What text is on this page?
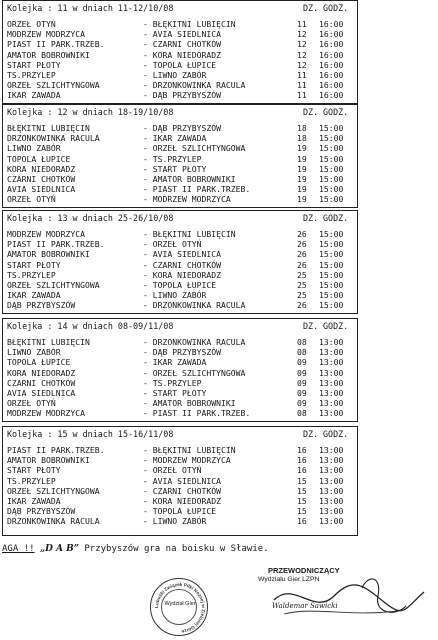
Kolejka : 11 w dniach 11-12/10/08	DZ. GODZ.
ORZEŁ OTYŃ	- BŁĘKITNI LUBIĘCIN	11 16:00
MODRZEW MODRZYCA	- AVIA SIEDLNICA	12 16:00
PIAST II PARK.TRZEB.	- CZARNI CHOTKÓW	12 16:00
AMATOR BOBROWNIKI	- KORA NIEDORADZ	12 16:00
START PŁOTY	- TOPOLA ŁUPICE	12 16:00
TS.PRZYLEP	- LIWNO ZABÓR	11 16:00
ORZEŁ SZLICHTYNGOWA	- DRZONKOWINKA RACULA	11 16:00
IKAR ZAWADA	- DĄB PRZYBYSZÓW	11 16:00
Kolejka : 12 w dniach 18-19/10/08	DZ. GODZ.
BŁĘKITNI LUBIĘCIN	- DĄB PRZYBYSZÓW	18 15:00
DRZONKOWINKA RACULA	- IKAR ZAWADA	18 15:00
LIWNO ZABÓR	- ORZEŁ SZLICHTYNGOWA	19 15:00
TOPOLA ŁUPICE	- TS.PRZYLEP	19 15:00
KORA NIEDORADZ	- START PŁOTY	19 15:00
CZARNI CHOTKÓW	- AMATOR BOBROWNIKI	19 15:00
AVIA SIEDLNICA	- PIAST II PARK.TRZEB.	19 15:00
ORZEŁ OTYŃ	- MODRZEW MODRZYCA	19 15:00
Kolejka : 13 w dniach 25-26/10/08	DZ. GODZ.
MODRZEW MODRZYCA	- BŁĘKITNI LUBIĘCIN	26 15:00
PIAST II PARK.TRZEB.	- ORZEŁ OTYŃ	26 15:00
AMATOR BOBROWNIKI	- AVIA SIEDLNICA	26 15:00
START PŁOTY	- CZARNI CHOTKÓW	26 15:00
TS.PRZYLEP	- KORA NIEDORADZ	25 15:00
ORZEŁ SZLICHTYNGOWA	- TOPOLA ŁUPICE	25 15:00
IKAR ZAWADA	- LIWNO ZABÓR	25 15:00
DĄB PRZYBYSZÓW	- DRZONKOWINKA RACULA	26 15:00
Kolejka : 14 w dniach 08-09/11/08	DZ. GODZ.
BŁĘKITNI LUBIĘCIN	- DRZONKOWINKA RACULA	08 13:00
LIWNO ZABÓR	- DĄB PRZYBYSZÓW	08 13:00
TOPOLA ŁUPICE	- IKAR ZAWADA	09 13:00
KORA NIEDORADZ	- ORZEŁ SZLICHTYNGOWA	09 13:00
CZARNI CHOTKÓW	- TS.PRZYLEP	09 13:00
AVIA SIEDLNICA	- START PŁOTY	09 13:00
ORZEŁ OTYŃ	- AMATOR BOBROWNIKI	09 13:00
MODRZEW MODRZYCA	- PIAST II PARK.TRZEB.	08 13:00
Kolejka : 15 w dniach 15-16/11/08	DZ. GODZ.
PIAST II PARK.TRZEB.	- BŁĘKITNI LUBIĘCIN	16 13:00
AMATOR BOBROWNIKI	- MODRZEW MODRZYCA	16 13:00
START PŁOTY	- ORZEŁ OTYŃ	16 13:00
TS.PRZYLEP	- AVIA SIEDLNICA	15 13:00
ORZEŁ SZLICHTYNGOWA	- CZARNI CHOTKÓW	15 13:00
IKAR ZAWADA	- KORA NIEDORADZ	15 13:00
DĄB PRZYBYSZÓW	- TOPOLA ŁUPICE	15 13:00
DRZONKOWINKA RACULA	- LIWNO ZABÓR	16 13:00
AGA !! „D A B” Przybyszów gra na boisku w Sławie.
Lubuski Związek Piłki Nożnej w Zielonej Górze
Wydział Gier
PRZEWODNICZĄCY
Wydziału Gier LZPN
Waldemar Sawicki
